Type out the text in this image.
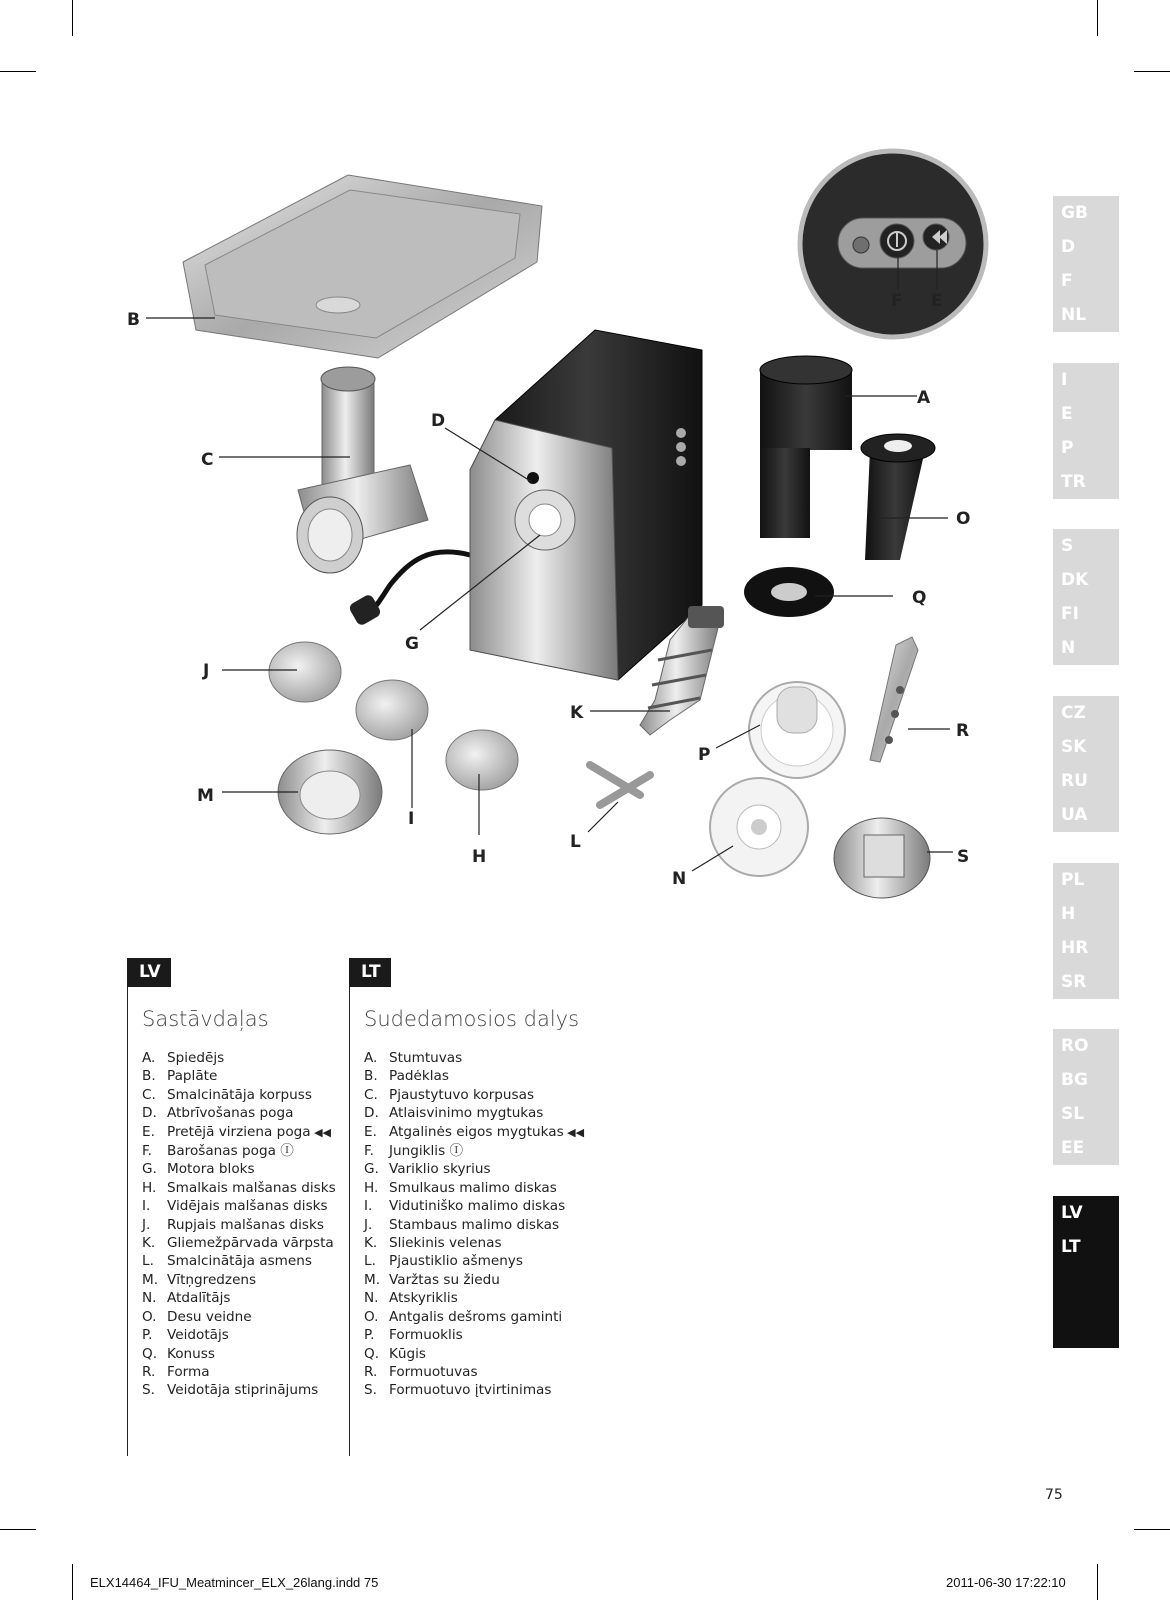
B
C
D
A
F E
O
Q
G
J
K
R
P
M
I
H
L
N
S
GB
D
F
NL
I
E
P
TR
S
DK
FI
N
CZ
SK
RU
UA
PL
H
HR
SR
RO
BG
SL
EE
LV
LT
LV
Sastāvdaļas
A. Spiedējs
B. Paplāte
C. Smalcinātāja korpuss
D. Atbrīvošanas poga
E. Pretējā virziena poga ◀◀
F. Barošanas poga Ⓘ
G. Motora bloks
H. Smalkais malšanas disks
I. Vidējais malšanas disks
J. Rupjais malšanas disks
K. Gliemežpārvada vārpsta
L. Smalcinātāja asmens
M. Vītņgredzens
N. Atdalītājs
O. Desu veidne
P. Veidotājs
Q. Konuss
R. Forma
S. Veidotāja stiprinājums
LT
Sudedamosios dalys
A. Stumtuvas
B. Padėklas
C. Pjaustytuvo korpusas
D. Atlaisvinimo mygtukas
E. Atgalinės eigos mygtukas ◀◀
F. Jungiklis Ⓘ
G. Variklio skyrius
H. Smulkaus malimo diskas
I. Vidutiniško malimo diskas
J. Stambaus malimo diskas
K. Sliekinis velenas
L. Pjaustiklio ašmenys
M. Varžtas su žiedu
N. Atskyriklis
O. Antgalis dešroms gaminti
P. Formuoklis
Q. Kūgis
R. Formuotuvas
S. Formuotuvo įtvirtinimas
75
ELX14464_IFU_Meatmincer_ELX_26lang.indd 75	2011-06-30 17:22:10
